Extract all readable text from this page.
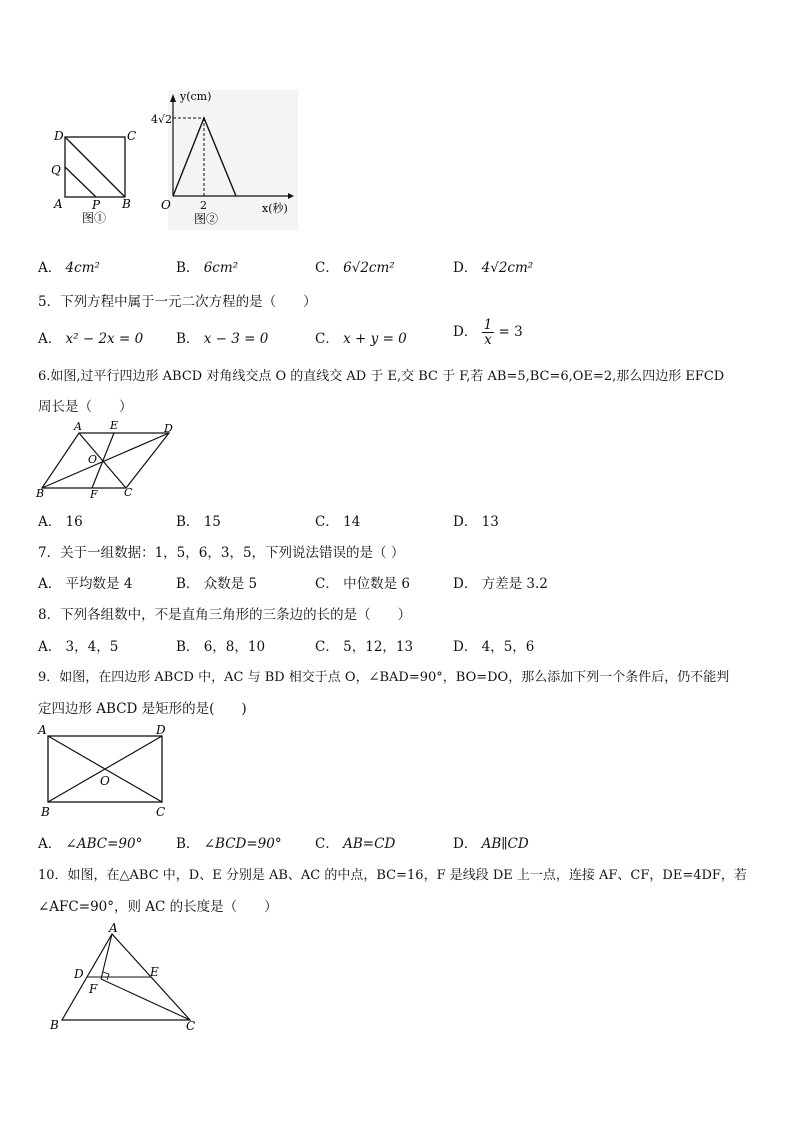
D	C
Q
A P B
图①
y(cm)
4√2
x(秒)
O	2
图②
A． 4cm²	B． 6cm²	C． 6√2cm²	D． 4√2cm²
5．下列方程中属于一元二次方程的是（　　）
A． x² − 2x = 0 B． x − 3 = 0	C． x + y = 0	D． $\frac{1}{x} = 3$
6.如图,过平行四边形 ABCD 对角线交点 O 的直线交 AD 于 E,交 BC 于 F,若 AB=5,BC=6,OE=2,那么四边形 EFCD
周长是（　　）
A	E	D
O
B	F C
A． 16	B． 15	C． 14	D． 13
7．关于一组数据：1，5，6，3，5，下列说法错误的是（ ）
A． 平均数是 4	B． 众数是 5	C． 中位数是 6	D． 方差是 3.2
8．下列各组数中，不是直角三角形的三条边的长的是（　　）
A． 3，4，5	B． 6，8，10	C． 5，12，13	D． 4，5，6
9．如图，在四边形 ABCD 中，AC 与 BD 相交于点 O，∠BAD=90°，BO=DO，那么添加下列一个条件后，仍不能判
定四边形 ABCD 是矩形的是(　　)
A	D
O
B	C
A． ∠ABC=90° B． ∠BCD=90° C． AB=CD	D． AB∥CD
10．如图，在△ABC 中，D、E 分别是 AB、AC 的中点，BC=16，F 是线段 DE 上一点，连接 AF、CF，DE=4DF，若
∠AFC=90°，则 AC 的长度是（　　）
A
D	E
F
B	C
